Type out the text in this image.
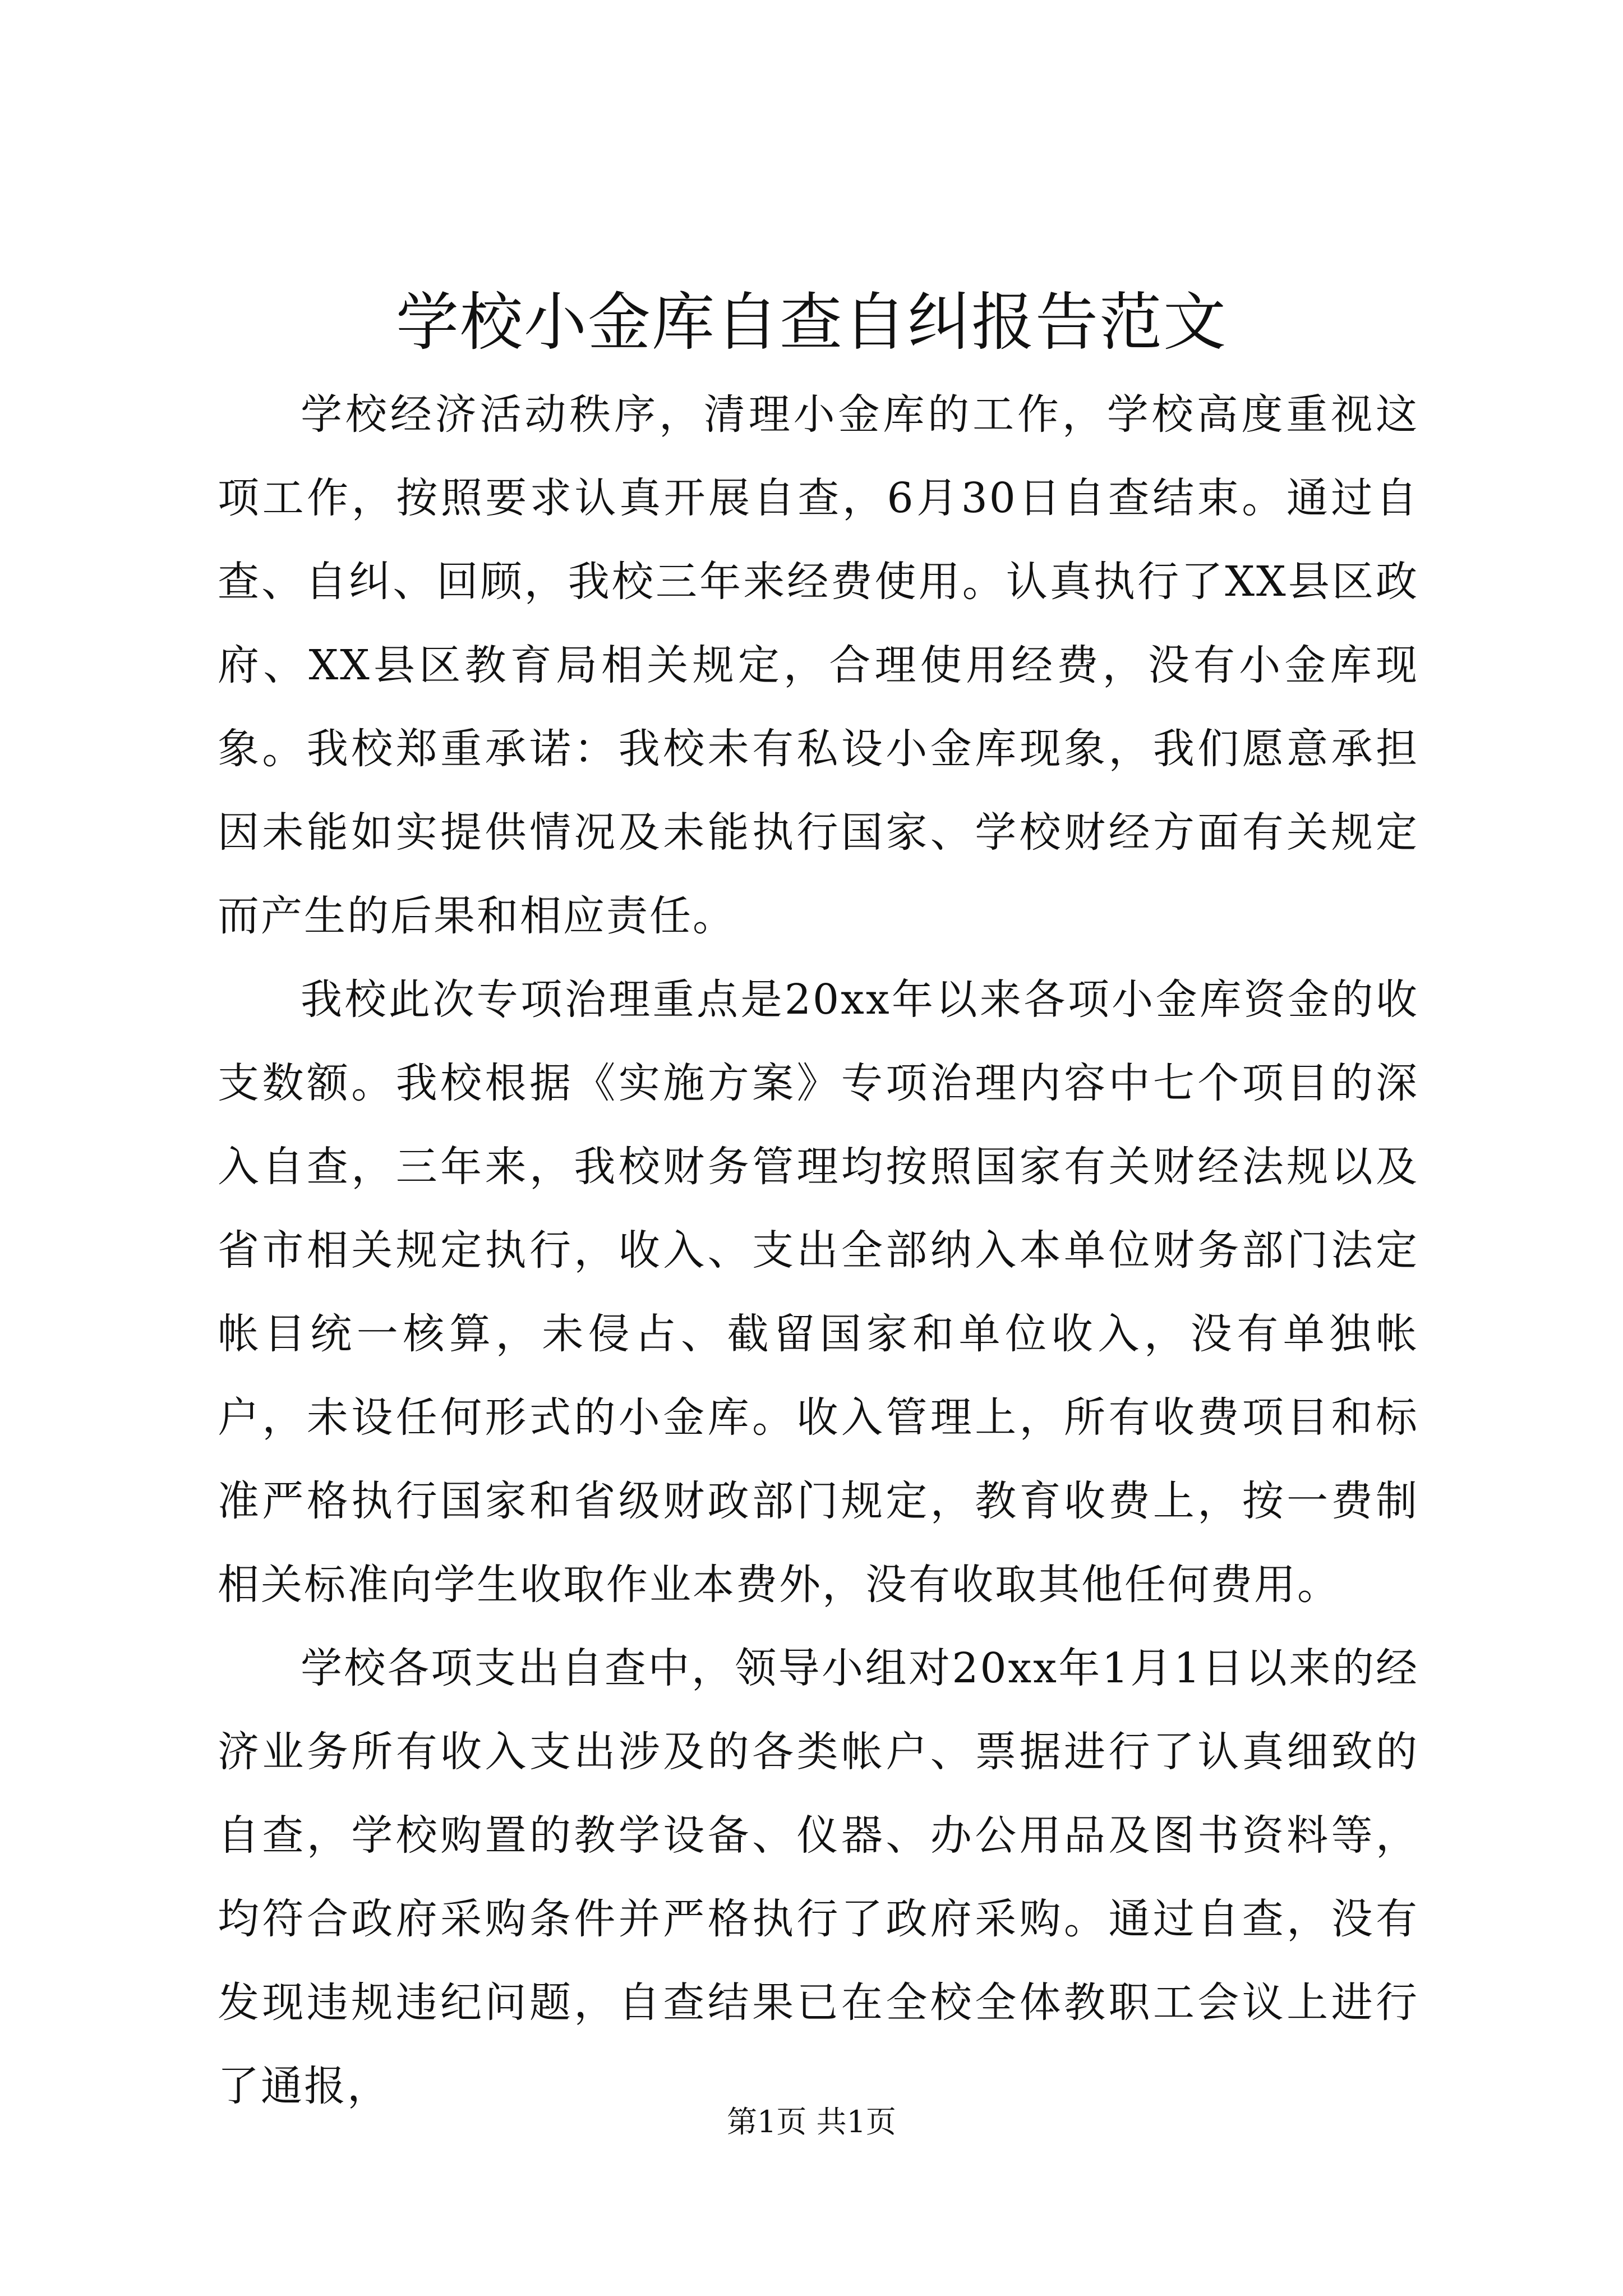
学校小金库自查自纠报告范文

学校经济活动秩序，清理小金库的工作，学校高度重视这项工作，按照要求认真开展自查，6月30日自查结束。通过自查、自纠、回顾，我校三年来经费使用。认真执行了XX县区政府、XX县区教育局相关规定，合理使用经费，没有小金库现象。我校郑重承诺：我校未有私设小金库现象，我们愿意承担因未能如实提供情况及未能执行国家、学校财经方面有关规定而产生的后果和相应责任。

我校此次专项治理重点是20xx年以来各项小金库资金的收支数额。我校根据《实施方案》专项治理内容中七个项目的深入自查，三年来，我校财务管理均按照国家有关财经法规以及省市相关规定执行，收入、支出全部纳入本单位财务部门法定帐目统一核算，未侵占、截留国家和单位收入，没有单独帐户，未设任何形式的小金库。收入管理上，所有收费项目和标准严格执行国家和省级财政部门规定，教育收费上，按一费制相关标准向学生收取作业本费外，没有收取其他任何费用。

学校各项支出自查中，领导小组对20xx年1月1日以来的经济业务所有收入支出涉及的各类帐户、票据进行了认真细致的自查，学校购置的教学设备、仪器、办公用品及图书资料等，均符合政府采购条件并严格执行了政府采购。通过自查，没有发现违规违纪问题，自查结果已在全校全体教职工会议上进行了通报，

第1页 共1页
